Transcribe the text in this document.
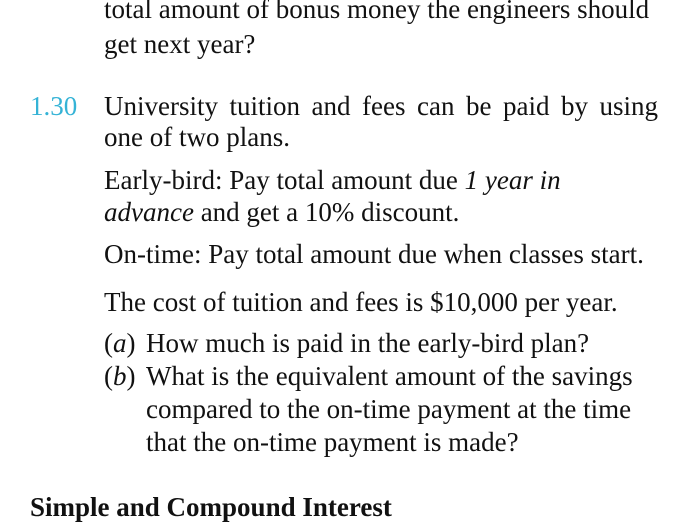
total amount of bonus money the engineers should
get next year?
1.30 University tuition and fees can be paid by using
one of two plans.
Early-bird: Pay total amount due 1 year in
advance and get a 10% discount.
On-time: Pay total amount due when classes start.
The cost of tuition and fees is $10,000 per year.
(a) How much is paid in the early-bird plan?
(b) What is the equivalent amount of the savings
compared to the on-time payment at the time
that the on-time payment is made?
Simple and Compound Interest
